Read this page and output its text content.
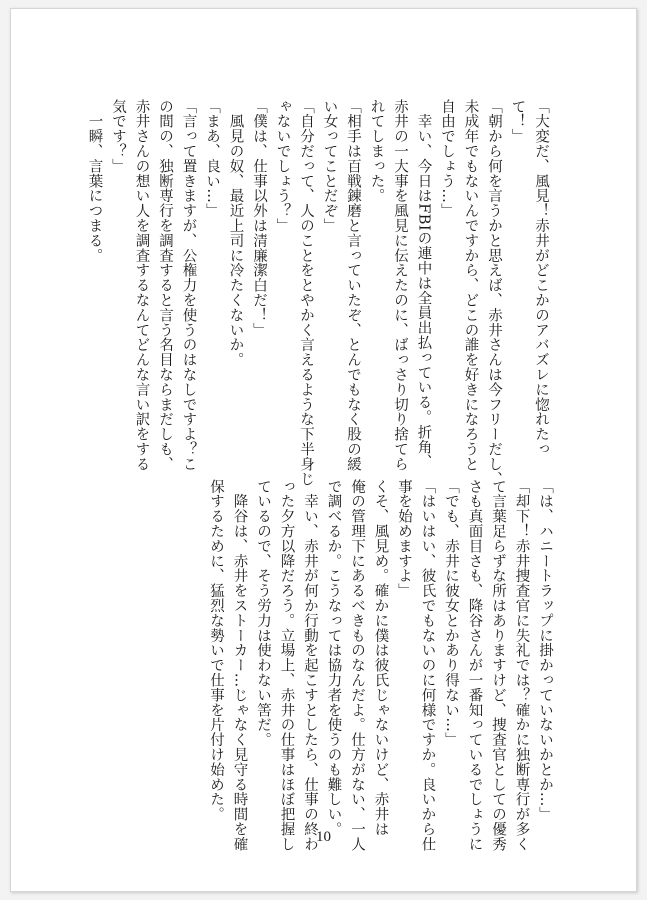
「大変だ、風見！赤井がどこかのアバズレに惚れたっ
て！」
「朝から何を言うかと思えば、赤井さんは今フリーだし、
未成年でもないんですから、どこの誰を好きになろうと
自由でしょう…」
　幸い、今日はFBIの連中は全員出払っている。折角、
赤井の一大事を風見に伝えたのに、ばっさり切り捨てら
れてしまった。
「相手は百戦錬磨と言っていたぞ、とんでもなく股の緩
い女ってことだぞ」
「自分だって、人のことをとやかく言えるような下半身じ
ゃないでしょう？」
「僕は、仕事以外は清廉潔白だ！」
　風見の奴、最近上司に冷たくないか。
「まあ、良い…」
「言って置きますが、公権力を使うのはなしですよ？こ
の間の、独断専行を調査すると言う名目ならまだしも、
赤井さんの想い人を調査するなんてどんな言い訳をする
気です？」
　一瞬、言葉につまる。
「は、ハニートラップに掛かっていないかとか…」
「却下！赤井捜査官に失礼では？確かに独断専行が多く
て言葉足らずな所はありますけど、捜査官としての優秀
さも真面目さも、降谷さんが一番知っているでしょうに
「でも、赤井に彼女とかあり得ない…」
「はいはい、彼氏でもないのに何様ですか。良いから仕
事を始めますよ」
くそ、風見め。確かに僕は彼氏じゃないけど、赤井は
俺の管理下にあるべきものなんだよ。仕方がない、一人
で調べるか。こうなっては協力者を使うのも難しい。
　幸い、赤井が何か行動を起こすとしたら、仕事の終わ
った夕方以降だろう。立場上、赤井の仕事はほぼ把握し
ているので、そう労力は使わない筈だ。
　降谷は、赤井をストーカー…じゃなく見守る時間を確
保するために、猛烈な勢いで仕事を片付け始めた。
10
